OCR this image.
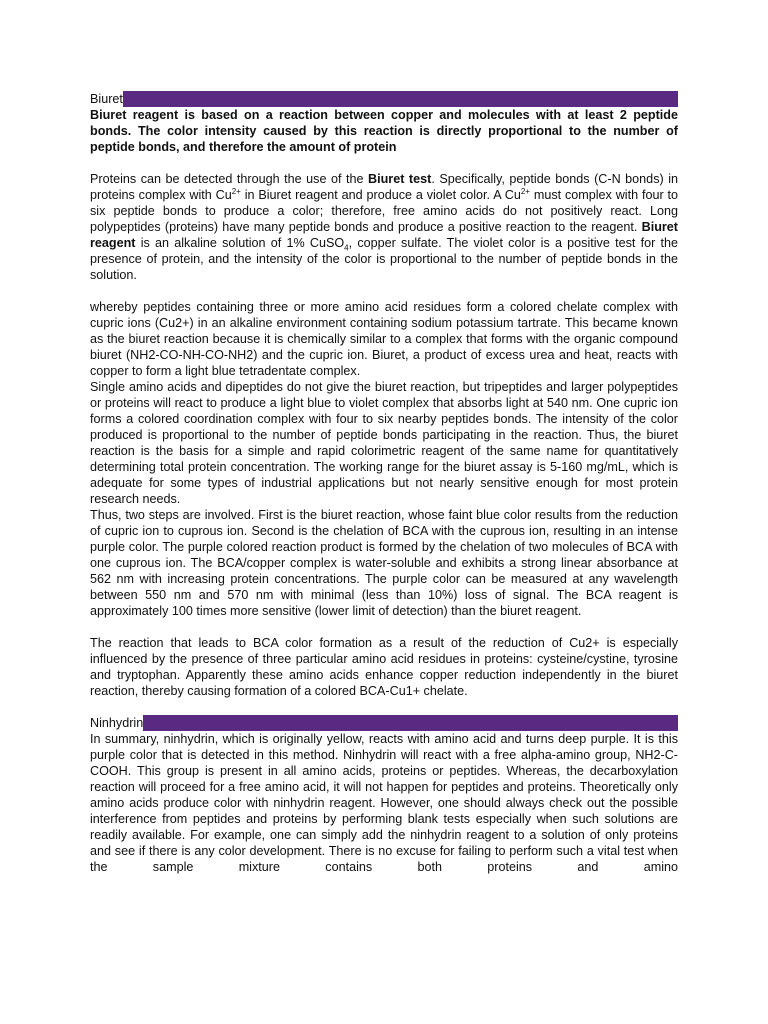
Biuret

Biuret reagent is based on a reaction between copper and molecules with at least 2 peptide bonds. The color intensity caused by this reaction is directly proportional to the number of peptide bonds, and therefore the amount of protein

Proteins can be detected through the use of the Biuret test. Specifically, peptide bonds (C-N bonds) in proteins complex with $Cu^{2+}$ in Biuret reagent and produce a violet color. A $Cu^{2+}$ must complex with four to six peptide bonds to produce a color; therefore, free amino acids do not positively react. Long polypeptides (proteins) have many peptide bonds and produce a positive reaction to the reagent. Biuret reagent is an alkaline solution of 1% CuSO$_4$, copper sulfate. The violet color is a positive test for the presence of protein, and the intensity of the color is proportional to the number of peptide bonds in the solution.

whereby peptides containing three or more amino acid residues form a colored chelate complex with cupric ions (Cu2+) in an alkaline environment containing sodium potassium tartrate. This became known as the biuret reaction because it is chemically similar to a complex that forms with the organic compound biuret (NH2-CO-NH-CO-NH2) and the cupric ion. Biuret, a product of excess urea and heat, reacts with copper to form a light blue tetradentate complex.

Single amino acids and dipeptides do not give the biuret reaction, but tripeptides and larger polypeptides or proteins will react to produce a light blue to violet complex that absorbs light at 540 nm. One cupric ion forms a colored coordination complex with four to six nearby peptides bonds. The intensity of the color produced is proportional to the number of peptide bonds participating in the reaction. Thus, the biuret reaction is the basis for a simple and rapid colorimetric reagent of the same name for quantitatively determining total protein concentration. The working range for the biuret assay is 5-160 mg/mL, which is adequate for some types of industrial applications but not nearly sensitive enough for most protein research needs.

Thus, two steps are involved. First is the biuret reaction, whose faint blue color results from the reduction of cupric ion to cuprous ion. Second is the chelation of BCA with the cuprous ion, resulting in an intense purple color. The purple colored reaction product is formed by the chelation of two molecules of BCA with one cuprous ion. The BCA/copper complex is water-soluble and exhibits a strong linear absorbance at 562 nm with increasing protein concentrations. The purple color can be measured at any wavelength between 550 nm and 570 nm with minimal (less than 10%) loss of signal. The BCA reagent is approximately 100 times more sensitive (lower limit of detection) than the biuret reagent.

The reaction that leads to BCA color formation as a result of the reduction of Cu2+ is especially influenced by the presence of three particular amino acid residues in proteins: cysteine/cystine, tyrosine and tryptophan. Apparently these amino acids enhance copper reduction independently in the biuret reaction, thereby causing formation of a colored BCA-Cu1+ chelate.

Ninhydrin

In summary, ninhydrin, which is originally yellow, reacts with amino acid and turns deep purple. It is this purple color that is detected in this method. Ninhydrin will react with a free alpha-amino group, NH2-C-COOH. This group is present in all amino acids, proteins or peptides. Whereas, the decarboxylation reaction will proceed for a free amino acid, it will not happen for peptides and proteins. Theoretically only amino acids produce color with ninhydrin reagent. However, one should always check out the possible interference from peptides and proteins by performing blank tests especially when such solutions are readily available. For example, one can simply add the ninhydrin reagent to a solution of only proteins and see if there is any color development. There is no excuse for failing to perform such a vital test when the sample mixture contains both proteins and amino
